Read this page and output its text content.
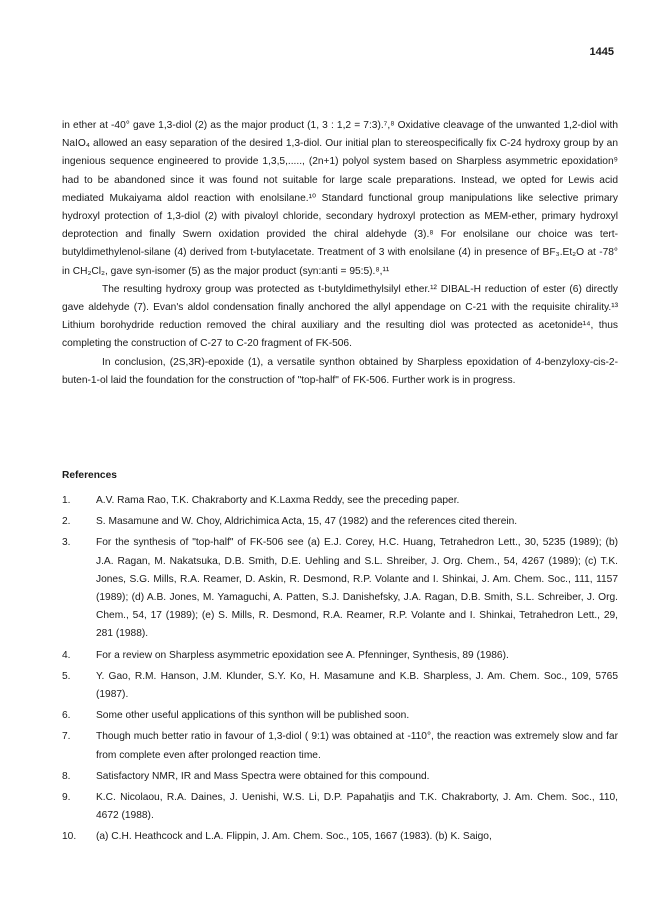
1445

in ether at -40° gave 1,3-diol (2) as the major product (1, 3 : 1,2 = 7:3).⁷,⁸ Oxidative cleavage of the unwanted 1,2-diol with NaIO₄ allowed an easy separation of the desired 1,3-diol. Our initial plan to stereospecifically fix C-24 hydroxy group by an ingenious sequence engineered to provide 1,3,5,....., (2n+1) polyol system based on Sharpless asymmetric epoxidation⁹ had to be abandoned since it was found not suitable for large scale preparations. Instead, we opted for Lewis acid mediated Mukaiyama aldol reaction with enolsilane.¹⁰ Standard functional group manipulations like selective primary hydroxyl protection of 1,3-diol (2) with pivaloyl chloride, secondary hydroxyl protection as MEM-ether, primary hydroxyl deprotection and finally Swern oxidation provided the chiral aldehyde (3).⁸ For enolsilane our choice was tert-butyldimethylenol-silane (4) derived from t-butylacetate. Treatment of 3 with enolsilane (4) in presence of BF₃.Et₂O at -78° in CH₂Cl₂, gave syn-isomer (5) as the major product (syn:anti = 95:5).⁸,¹¹

The resulting hydroxy group was protected as t-butyldimethylsilyl ether.¹² DIBAL-H reduction of ester (6) directly gave aldehyde (7). Evan's aldol condensation finally anchored the allyl appendage on C-21 with the requisite chirality.¹³ Lithium borohydride reduction removed the chiral auxiliary and the resulting diol was protected as acetonide¹⁴, thus completing the construction of C-27 to C-20 fragment of FK-506.

In conclusion, (2S,3R)-epoxide (1), a versatile synthon obtained by Sharpless epoxidation of 4-benzyloxy-cis-2-buten-1-ol laid the foundation for the construction of "top-half" of FK-506. Further work is in progress.

References
1.	A.V. Rama Rao, T.K. Chakraborty and K.Laxma Reddy, see the preceding paper.
2.	S. Masamune and W. Choy, Aldrichimica Acta, 15, 47 (1982) and the references cited therein.
3.	For the synthesis of "top-half" of FK-506 see (a) E.J. Corey, H.C. Huang, Tetrahedron Lett., 30, 5235 (1989); (b) J.A. Ragan, M. Nakatsuka, D.B. Smith, D.E. Uehling and S.L. Shreiber, J. Org. Chem., 54, 4267 (1989); (c) T.K. Jones, S.G. Mills, R.A. Reamer, D. Askin, R. Desmond, R.P. Volante and I. Shinkai, J. Am. Chem. Soc., 111, 1157 (1989); (d) A.B. Jones, M. Yamaguchi, A. Patten, S.J. Danishefsky, J.A. Ragan, D.B. Smith, S.L. Schreiber, J. Org. Chem., 54, 17 (1989); (e) S. Mills, R. Desmond, R.A. Reamer, R.P. Volante and I. Shinkai, Tetrahedron Lett., 29, 281 (1988).
4.	For a review on Sharpless asymmetric epoxidation see A. Pfenninger, Synthesis, 89 (1986).
5.	Y. Gao, R.M. Hanson, J.M. Klunder, S.Y. Ko, H. Masamune and K.B. Sharpless, J. Am. Chem. Soc., 109, 5765 (1987).
6.	Some other useful applications of this synthon will be published soon.
7.	Though much better ratio in favour of 1,3-diol ( 9:1) was obtained at -110°, the reaction was extremely slow and far from complete even after prolonged reaction time.
8.	Satisfactory NMR, IR and Mass Spectra were obtained for this compound.
9.	K.C. Nicolaou, R.A. Daines, J. Uenishi, W.S. Li, D.P. Papahatjis and T.K. Chakraborty, J. Am. Chem. Soc., 110, 4672 (1988).
10. (a) C.H. Heathcock and L.A. Flippin, J. Am. Chem. Soc., 105, 1667 (1983). (b) K. Saigo,
